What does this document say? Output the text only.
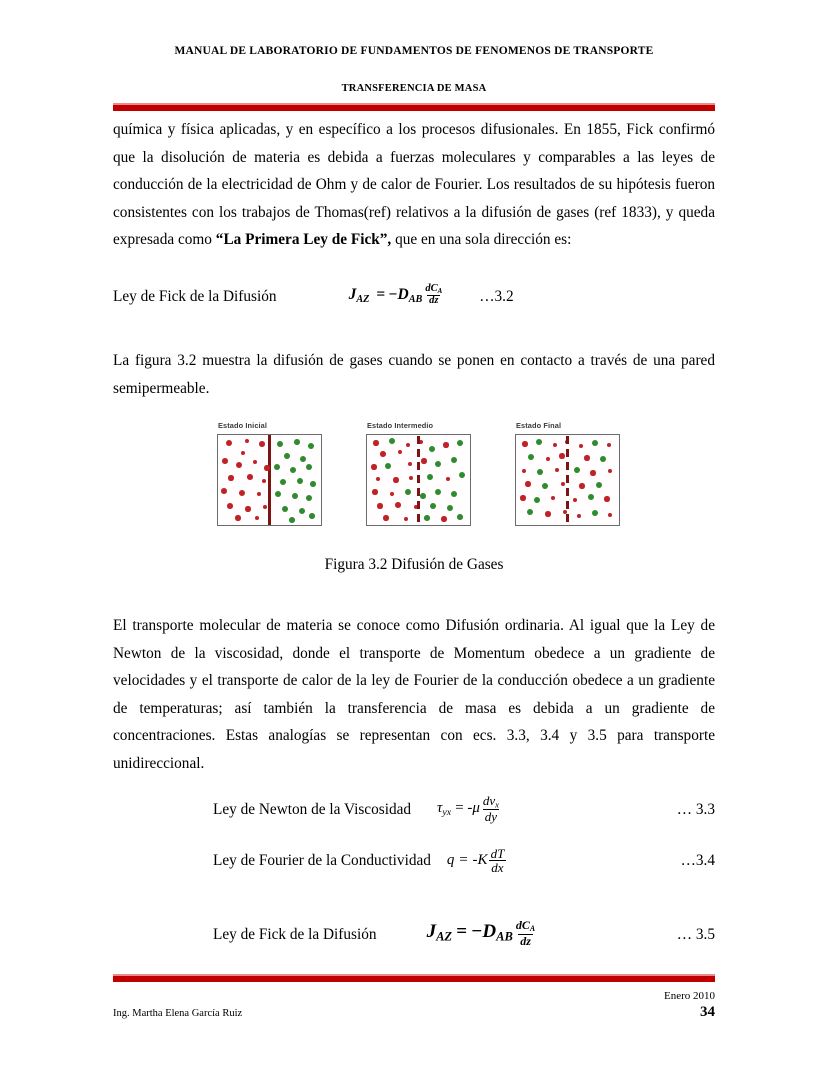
MANUAL DE LABORATORIO DE FUNDAMENTOS DE FENOMENOS DE TRANSPORTE
TRANSFERENCIA DE MASA

química y física aplicadas, y en específico a los procesos difusionales. En 1855, Fick confirmó que la disolución de materia es debida a fuerzas moleculares y comparables a las leyes de conducción de la electricidad de Ohm y de calor de Fourier. Los resultados de su hipótesis fueron consistentes con los trabajos de Thomas(ref) relativos a la difusión de gases (ref 1833), y queda expresada como “La Primera Ley de Fick”, que en una sola dirección es:

Ley de Fick de la Difusión	$J_{AZ} = -D_{AB} \frac{dC_A}{dz}$ …3.2

La figura 3.2 muestra la difusión de gases cuando se ponen en contacto a través de una pared semipermeable.

Estado Inicial	Estado Intermedio	Estado Final
Figura 3.2 Difusión de Gases

El transporte molecular de materia se conoce como Difusión ordinaria. Al igual que la Ley de Newton de la viscosidad, donde el transporte de Momentum obedece a un gradiente de velocidades y el transporte de calor de la ley de Fourier de la conducción obedece a un gradiente de temperaturas; así también la transferencia de masa es debida a un gradiente de concentraciones. Estas analogías se representan con ecs. 3.3, 3.4 y 3.5 para transporte unidireccional.

Ley de Newton de la Viscosidad $\tau_{yx} = -\mu \frac{dv_x}{dy}$	… 3.3
Ley de Fourier de la Conductividad $q = -K \frac{dT}{dx}$	…3.4
Ley de Fick de la Difusión	$J_{AZ} = -D_{AB} \frac{dC_A}{dz}$	… 3.5
Ing. Martha Elena García Ruiz
Enero 2010
34
